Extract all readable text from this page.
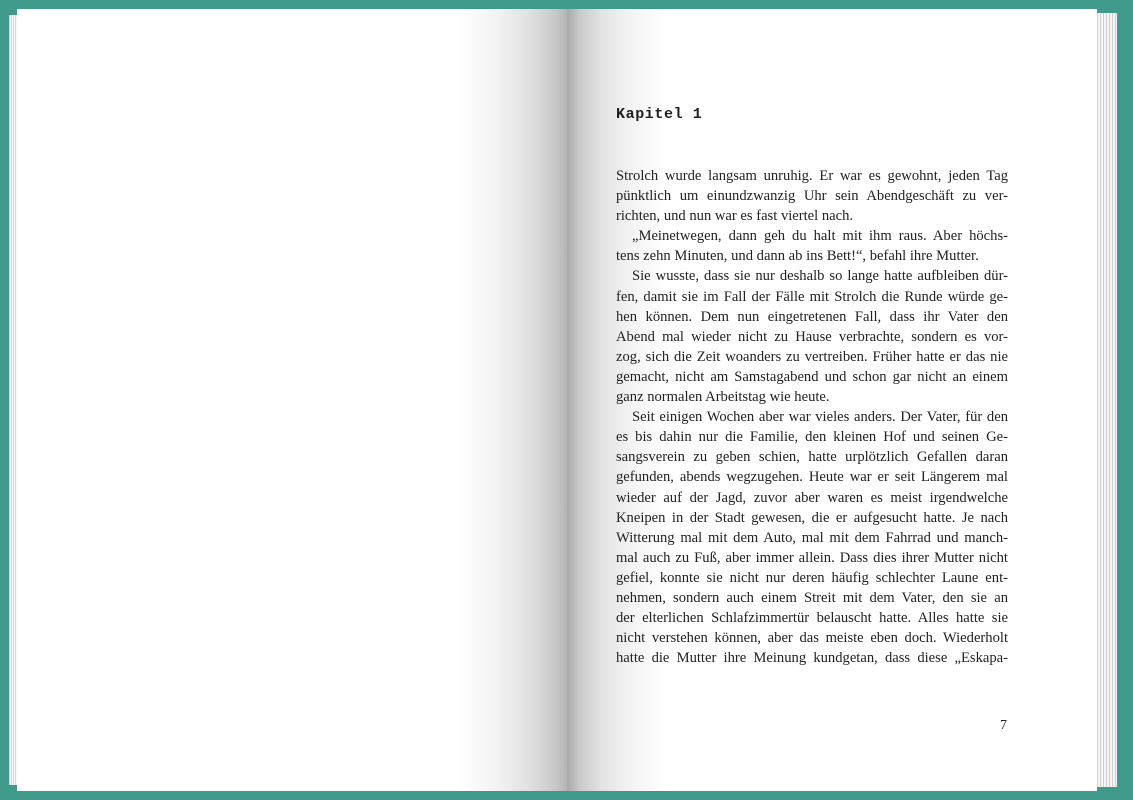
Kapitel 1
Strolch wurde langsam unruhig. Er war es gewohnt, jeden Tag
pünktlich um einundzwanzig Uhr sein Abendgeschäft zu ver-
richten, und nun war es fast viertel nach.
„Meinetwegen, dann geh du halt mit ihm raus. Aber höchs-
tens zehn Minuten, und dann ab ins Bett!“, befahl ihre Mutter.
Sie wusste, dass sie nur deshalb so lange hatte aufbleiben dür-
fen, damit sie im Fall der Fälle mit Strolch die Runde würde ge-
hen können. Dem nun eingetretenen Fall, dass ihr Vater den
Abend mal wieder nicht zu Hause verbrachte, sondern es vor-
zog, sich die Zeit woanders zu vertreiben. Früher hatte er das nie
gemacht, nicht am Samstagabend und schon gar nicht an einem
ganz normalen Arbeitstag wie heute.
Seit einigen Wochen aber war vieles anders. Der Vater, für den
es bis dahin nur die Familie, den kleinen Hof und seinen Ge-
sangsverein zu geben schien, hatte urplötzlich Gefallen daran
gefunden, abends wegzugehen. Heute war er seit Längerem mal
wieder auf der Jagd, zuvor aber waren es meist irgendwelche
Kneipen in der Stadt gewesen, die er aufgesucht hatte. Je nach
Witterung mal mit dem Auto, mal mit dem Fahrrad und manch-
mal auch zu Fuß, aber immer allein. Dass dies ihrer Mutter nicht
gefiel, konnte sie nicht nur deren häufig schlechter Laune ent-
nehmen, sondern auch einem Streit mit dem Vater, den sie an
der elterlichen Schlafzimmertür belauscht hatte. Alles hatte sie
nicht verstehen können, aber das meiste eben doch. Wiederholt
hatte die Mutter ihre Meinung kundgetan, dass diese „Eskapa-
7
